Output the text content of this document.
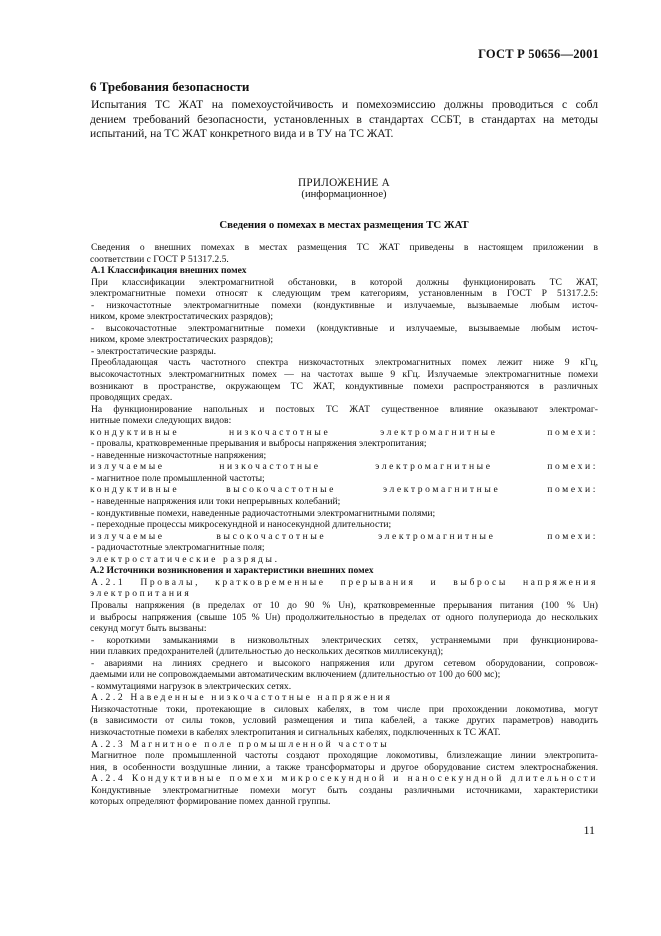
ГОСТ Р 50656—2001
6 Требования безопасности
Испытания ТС ЖАТ на помехоустойчивость и помехоэмиссию должны проводиться с собл
дением требований безопасности, установленных в стандартах ССБТ, в стандартах на методы
испытаний, на ТС ЖАТ конкретного вида и в ТУ на ТС ЖАТ.
ПРИЛОЖЕНИЕ А
(информационное)
Сведения о помехах в местах размещения ТС ЖАТ
Сведения о внешних помехах в местах размещения ТС ЖАТ приведены в настоящем приложении в
соответствии с ГОСТ Р 51317.2.5.
А.1 Классификация внешних помех
При классификации электромагнитной обстановки, в которой должны функционировать ТС ЖАТ,
электромагнитные помехи относят к следующим трем категориям, установленным в ГОСТ Р 51317.2.5:
- низкочастотные электромагнитные помехи (кондуктивные и излучаемые, вызываемые любым источ-
ником, кроме электростатических разрядов);
- высокочастотные электромагнитные помехи (кондуктивные и излучаемые, вызываемые любым источ-
ником, кроме электростатических разрядов);
- электростатические разряды.
Преобладающая часть частотного спектра низкочастотных электромагнитных помех лежит ниже 9 кГц,
высокочастотных электромагнитных помех — на частотах выше 9 кГц. Излучаемые электромагнитные помехи
возникают в пространстве, окружающем ТС ЖАТ, кондуктивные помехи распространяются в различных
проводящих средах.
На функционирование напольных и постовых ТС ЖАТ существенное влияние оказывают электромаг-
нитные помехи следующих видов:
кондуктивные низкочастотные электромагнитные помехи:
- провалы, кратковременные прерывания и выбросы напряжения электропитания;
- наведенные низкочастотные напряжения;
излучаемые низкочастотные электромагнитные помехи:
- магнитное поле промышленной частоты;
кондуктивные высокочастотные электромагнитные помехи:
- наведенные напряжения или токи непрерывных колебаний;
- кондуктивные помехи, наведенные радиочастотными электромагнитными полями;
- переходные процессы микросекундной и наносекундной длительности;
излучаемые высокочастотные электромагнитные помехи:
- радиочастотные электромагнитные поля;
электростатические разряды.
А.2 Источники возникновения и характеристики внешних помех
А.2.1 Провалы, кратковременные прерывания и выбросы напряжения
электропитания
Провалы напряжения (в пределах от 10 до 90 % Uн), кратковременные прерывания питания (100 % Uн)
и выбросы напряжения (свыше 105 % Uн) продолжительностью в пределах от одного полупериода до нескольких
секунд могут быть вызваны:
- короткими замыканиями в низковольтных электрических сетях, устраняемыми при функционирова-
нии плавких предохранителей (длительностью до нескольких десятков миллисекунд);
- авариями на линиях среднего и высокого напряжения или другом сетевом оборудовании, сопровож-
даемыми или не сопровождаемыми автоматическим включением (длительностью от 100 до 600 мс);
- коммутациями нагрузок в электрических сетях.
А.2.2 Наведенные низкочастотные напряжения
Низкочастотные токи, протекающие в силовых кабелях, в том числе при прохождении локомотива, могут
(в зависимости от силы токов, условий размещения и типа кабелей, а также других параметров) наводить
низкочастотные помехи в кабелях электропитания и сигнальных кабелях, подключенных к ТС ЖАТ.
А.2.3 Магнитное поле промышленной частоты
Магнитное поле промышленной частоты создают проходящие локомотивы, близлежащие линии электропита-
ния, в особенности воздушные линии, а также трансформаторы и другое оборудование систем электроснабжения.
А.2.4 Кондуктивные помехи микросекундной и наносекундной длительности
Кондуктивные электромагнитные помехи могут быть созданы различными источниками, характеристики
которых определяют формирование помех данной группы.
11
